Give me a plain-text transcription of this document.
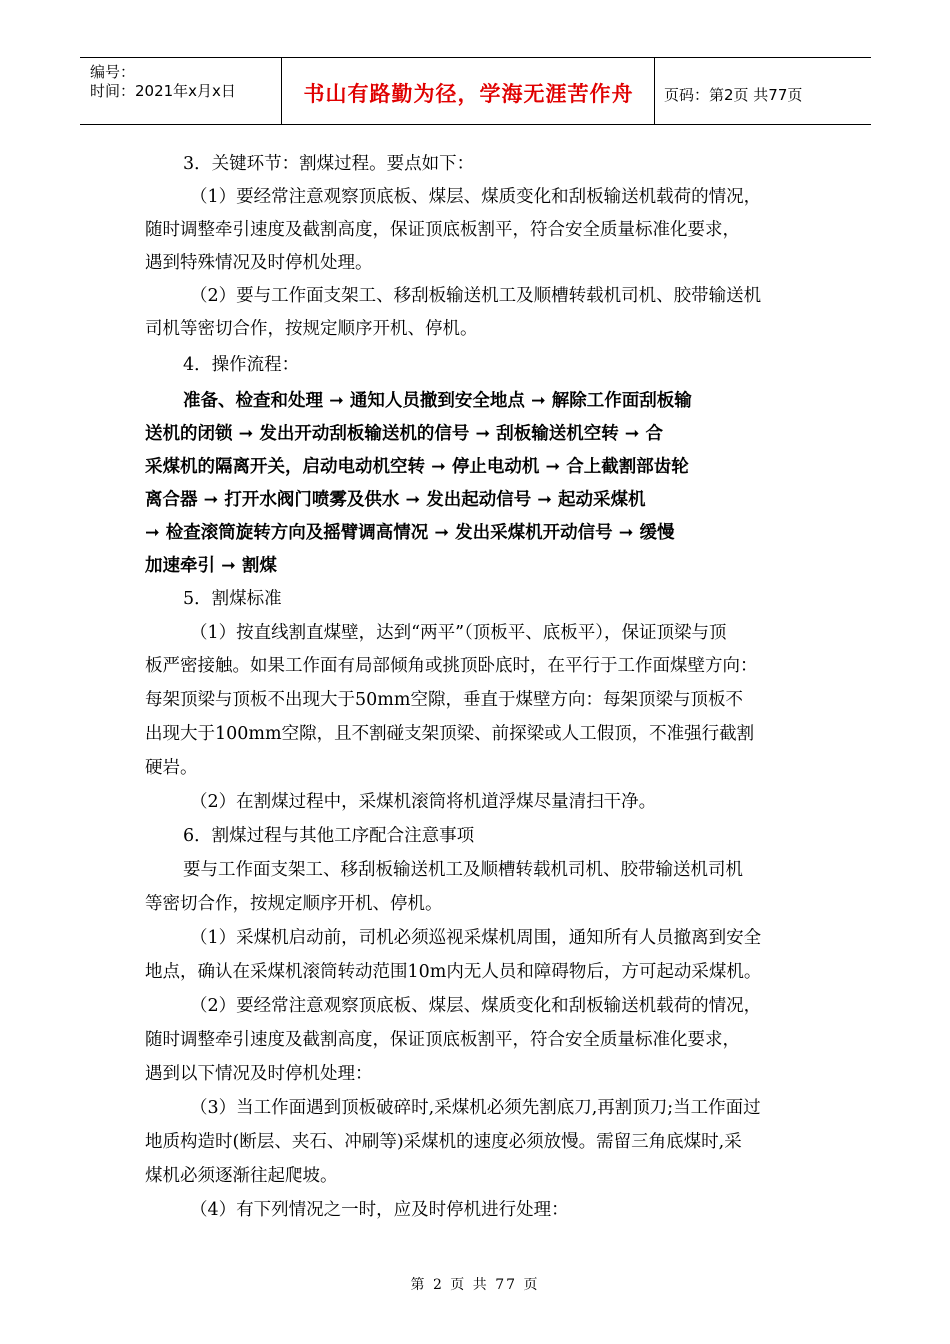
编号：
时间：2021年x月x日	书山有路勤为径，学海无涯苦作舟	页码：第2页 共77页
3．关键环节：割煤过程。要点如下：
（1）要经常注意观察顶底板、煤层、煤质变化和刮板输送机载荷的情况，
随时调整牵引速度及截割高度，保证顶底板割平，符合安全质量标准化要求，
遇到特殊情况及时停机处理。
（2）要与工作面支架工、移刮板输送机工及顺槽转载机司机、胶带输送机
司机等密切合作，按规定顺序开机、停机。
4．操作流程：
准备、检查和处理 ➞ 通知人员撤到安全地点 ➞ 解除工作面刮板输
送机的闭锁 ➞ 发出开动刮板输送机的信号 ➞ 刮板输送机空转 ➞ 合
采煤机的隔离开关，启动电动机空转 ➞ 停止电动机 ➞ 合上截割部齿轮
离合器 ➞ 打开水阀门喷雾及供水 ➞ 发出起动信号 ➞ 起动采煤机
➞ 检查滚筒旋转方向及摇臂调高情况 ➞ 发出采煤机开动信号 ➞ 缓慢
加速牵引 ➞ 割煤
5．割煤标准
（1）按直线割直煤壁，达到“两平”（顶板平、底板平），保证顶梁与顶
板严密接触。如果工作面有局部倾角或挑顶卧底时，在平行于工作面煤壁方向：
每架顶梁与顶板不出现大于50mm空隙，垂直于煤壁方向：每架顶梁与顶板不
出现大于100mm空隙，且不割碰支架顶梁、前探梁或人工假顶，不准强行截割
硬岩。
（2）在割煤过程中，采煤机滚筒将机道浮煤尽量清扫干净。
6．割煤过程与其他工序配合注意事项
要与工作面支架工、移刮板输送机工及顺槽转载机司机、胶带输送机司机
等密切合作，按规定顺序开机、停机。
（1）采煤机启动前，司机必须巡视采煤机周围，通知所有人员撤离到安全
地点，确认在采煤机滚筒转动范围10m内无人员和障碍物后，方可起动采煤机。
（2）要经常注意观察顶底板、煤层、煤质变化和刮板输送机载荷的情况，
随时调整牵引速度及截割高度，保证顶底板割平，符合安全质量标准化要求，
遇到以下情况及时停机处理：
（3）当工作面遇到顶板破碎时,采煤机必须先割底刀,再割顶刀;当工作面过
地质构造时(断层、夹石、冲刷等)采煤机的速度必须放慢。需留三角底煤时,采
煤机必须逐渐往起爬坡。
（4）有下列情况之一时，应及时停机进行处理：
第 2 页 共 77 页
